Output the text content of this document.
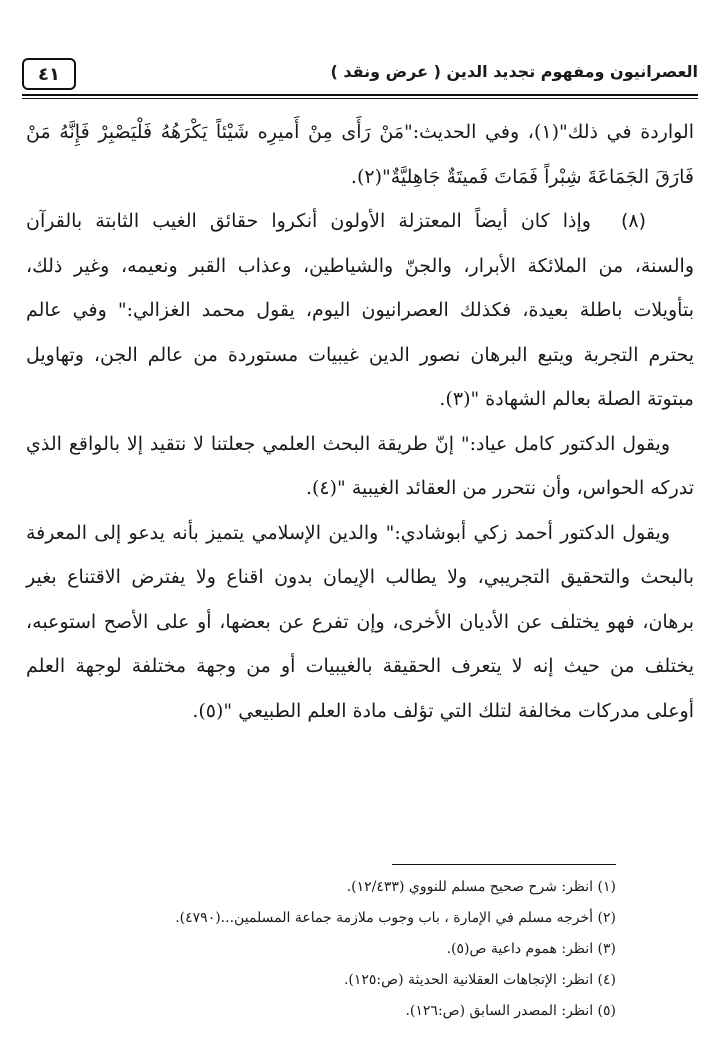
٤١	العصرانيون ومفهوم تجديد الدين ( عرض ونقد )

الواردة في ذلك"(١)، وفي الحديث:"مَنْ رَأَى مِنْ أَميرِه شَيْئاً يَكْرَهُهُ فَلْيَصْبِرْ فَإِنَّهُ مَنْ فَارَقَ الجَمَاعَةَ شِبْراً فَمَاتَ فَميتَةٌ جَاهِليَّةٌ"(٢).

(٨)وإذا كان أيضاً المعتزلة الأولون أنكروا حقائق الغيب الثابتة بالقرآن والسنة، من الملائكة الأبرار، والجنّ والشياطين، وعذاب القبر ونعيمه، وغير ذلك، بتأويلات باطلة بعيدة، فكذلك العصرانيون اليوم، يقول محمد الغزالي:" وفي عالم يحترم التجربة ويتبع البرهان نصور الدين غيبيات مستوردة من عالم الجن، وتهاويل مبتوتة الصلة بعالم الشهادة "(٣).

ويقول الدكتور كامل عياد:" إنّ طريقة البحث العلمي جعلتنا لا نتقيد إلا بالواقع الذي تدركه الحواس، وأن نتحرر من العقائد الغيبية "(٤).

ويقول الدكتور أحمد زكي أبوشادي:" والدين الإسلامي يتميز بأنه يدعو إلى المعرفة بالبحث والتحقيق التجريبي، ولا يطالب الإيمان بدون اقناع ولا يفترض الاقتناع بغير برهان، فهو يختلف عن الأديان الأخرى، وإن تفرع عن بعضها، أو على الأصح استوعبه، يختلف من حيث إنه لا يتعرف الحقيقة بالغيبيات أو من وجهة مختلفة لوجهة العلم أوعلى مدركات مخالفة لتلك التي تؤلف مادة العلم الطبيعي "(٥).

(١) انظر: شرح صحيح مسلم للنووي (١٢/٤٣٣).

(٢) أخرجه مسلم في الإمارة ، باب وجوب ملازمة جماعة المسلمين...(٤٧٩٠).

(٣) انظر: هموم داعية ص(٥).

(٤) انظر: الإتجاهات العقلانية الحديثة (ص:١٢٥).

(٥) انظر: المصدر السابق (ص:١٢٦).
